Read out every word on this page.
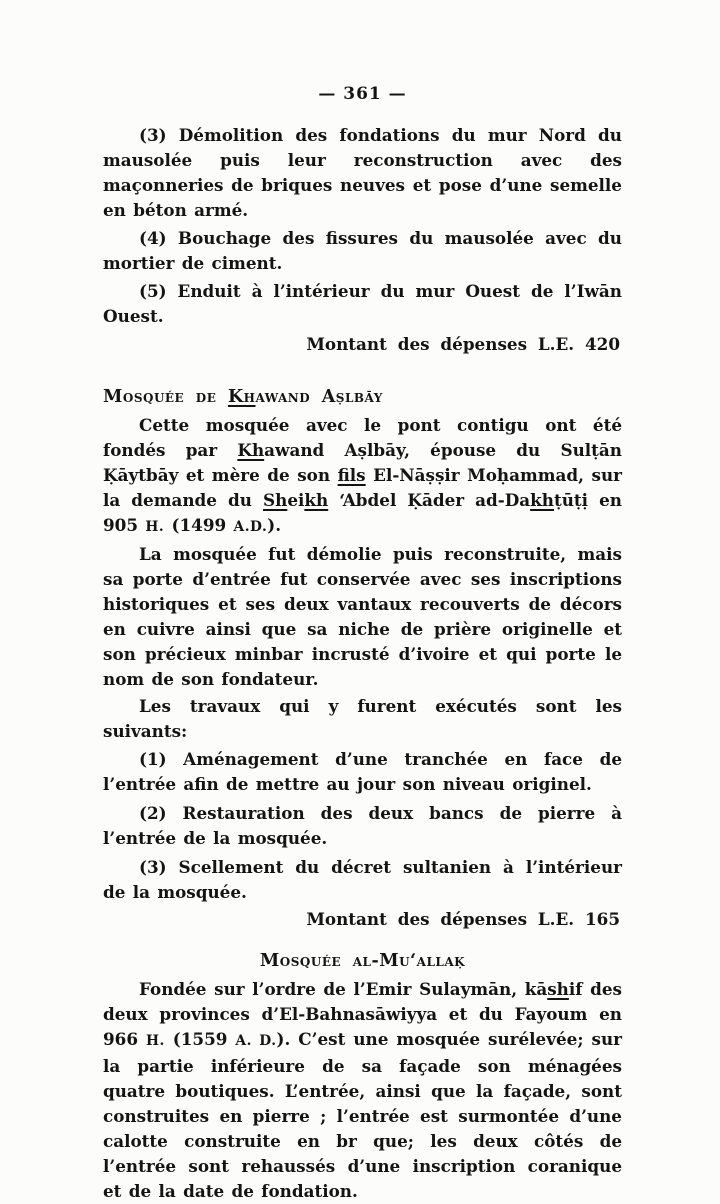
— 361 —

(3) Démolition des fondations du mur Nord du mausolée puis leur reconstruction avec des maçonneries de briques neuves et pose d’une semelle en béton armé.

(4) Bouchage des fissures du mausolée avec du mortier de ciment.

(5) Enduit à l’intérieur du mur Ouest de l’Iwān Ouest.

Montant des dépenses L.E. 420
Mosquée de Khawand Aṣlbāy

Cette mosquée avec le pont contigu ont été fondés par Khawand Aṣlbāy, épouse du Sulṭān Ḳāytbāy et mère de son fils El-Nāṣṣir Moḥammad, sur la demande du Sheikh ‘Abdel Ḳāder ad-Dakhṭūṭị en 905 H. (1499 A.D.).

La mosquée fut démolie puis reconstruite, mais sa porte d’entrée fut conservée avec ses inscriptions historiques et ses deux vantaux recouverts de décors en cuivre ainsi que sa niche de prière originelle et son précieux minbar incrusté d’ivoire et qui porte le nom de son fondateur.

Les travaux qui y furent exécutés sont les suivants:

(1) Aménagement d’une tranchée en face de l’entrée afin de mettre au jour son niveau originel.

(2) Restauration des deux bancs de pierre à l’entrée de la mosquée.

(3) Scellement du décret sultanien à l’intérieur de la mosquée.

Montant des dépenses L.E. 165
Mosquée al-Mu‘allaḳ

Fondée sur l’ordre de l’Emir Sulaymān, kāshif des deux provinces d’El-Bahnasāwiyya et du Fayoum en 966 H. (1559 A. D.). C’est une mosquée surélevée; sur la partie inférieure de sa façade son ménagées quatre boutiques. L’entrée, ainsi que la façade, sont construites en pierre ; l’entrée est surmontée d’une calotte construite en br que; les deux côtés de l’entrée sont rehaussés d’une inscription coranique et de la date de fondation.
